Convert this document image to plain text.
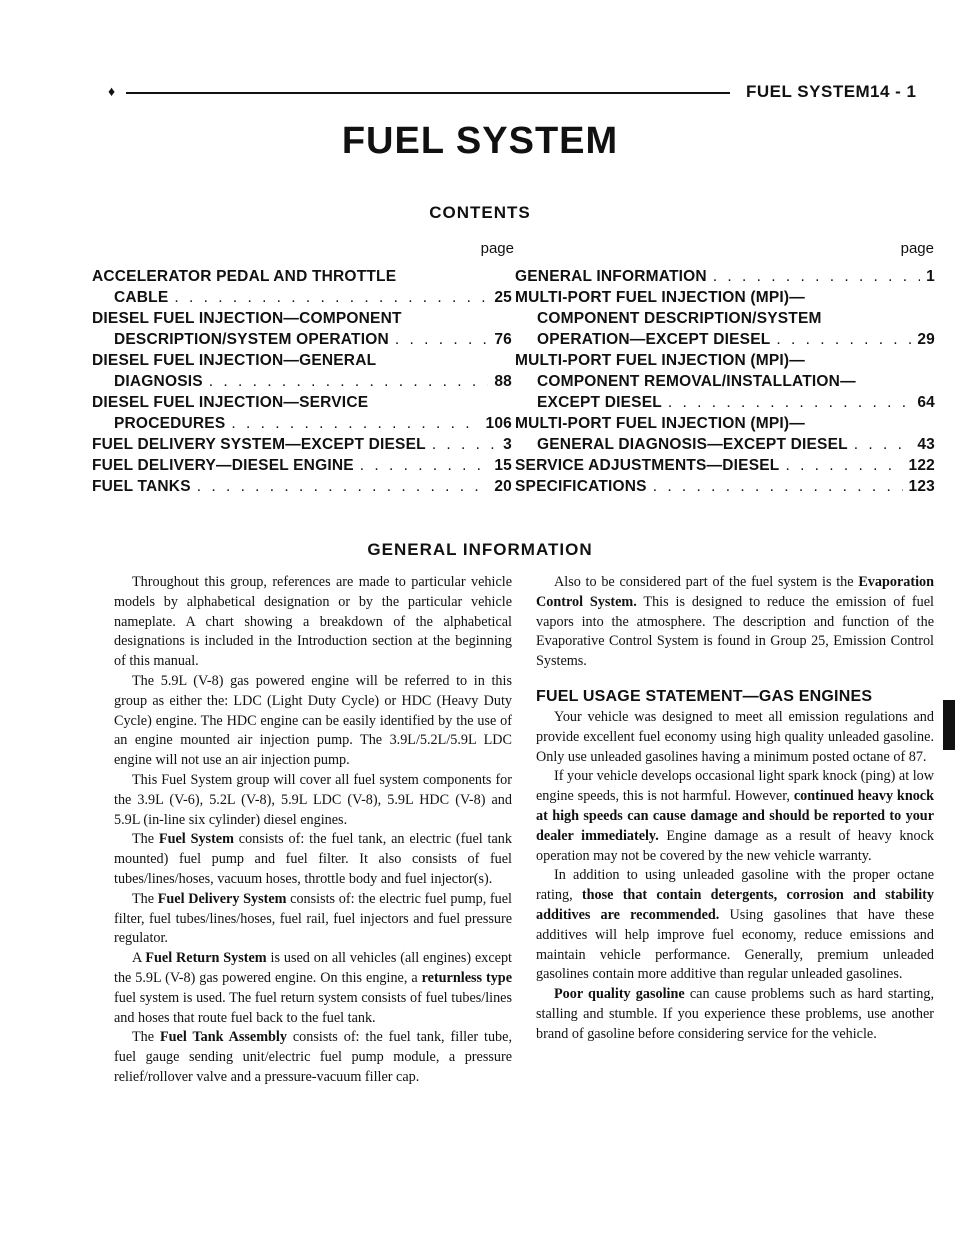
♦	FUEL SYSTEM 14 - 1
FUEL SYSTEM
CONTENTS
page	page
ACCELERATOR PEDAL AND THROTTLE
CABLE . . .	25
DIESEL FUEL INJECTION—COMPONENT
DESCRIPTION/SYSTEM OPERATION . . .	76
DIESEL FUEL INJECTION—GENERAL
DIAGNOSIS . . .	88
DIESEL FUEL INJECTION—SERVICE
PROCEDURES . . .	106
FUEL DELIVERY SYSTEM—EXCEPT DIESEL . . .	3
FUEL DELIVERY—DIESEL ENGINE . . .	15
FUEL TANKS . . .	20
GENERAL INFORMATION . . .	1
MULTI-PORT FUEL INJECTION (MPI)—
COMPONENT DESCRIPTION/SYSTEM
OPERATION—EXCEPT DIESEL . . .	29
MULTI-PORT FUEL INJECTION (MPI)—
COMPONENT REMOVAL/INSTALLATION—
EXCEPT DIESEL . . .	64
MULTI-PORT FUEL INJECTION (MPI)—
GENERAL DIAGNOSIS—EXCEPT DIESEL . . .	43
SERVICE ADJUSTMENTS—DIESEL . . .	122
SPECIFICATIONS . . .	123
GENERAL INFORMATION

Throughout this group, references are made to particular vehicle models by alphabetical designation or by the particular vehicle nameplate. A chart showing a breakdown of the alphabetical designations is included in the Introduction section at the beginning of this manual.

The 5.9L (V-8) gas powered engine will be referred to in this group as either the: LDC (Light Duty Cycle) or HDC (Heavy Duty Cycle) engine. The HDC engine can be easily identified by the use of an engine mounted air injection pump. The 3.9L/5.2L/5.9L LDC engine will not use an air injection pump.

This Fuel System group will cover all fuel system components for the 3.9L (V-6), 5.2L (V-8), 5.9L LDC (V-8), 5.9L HDC (V-8) and 5.9L (in-line six cylinder) diesel engines.

The Fuel System consists of: the fuel tank, an electric (fuel tank mounted) fuel pump and fuel filter. It also consists of fuel tubes/lines/hoses, vacuum hoses, throttle body and fuel injector(s).

The Fuel Delivery System consists of: the electric fuel pump, fuel filter, fuel tubes/lines/hoses, fuel rail, fuel injectors and fuel pressure regulator.

A Fuel Return System is used on all vehicles (all engines) except the 5.9L (V-8) gas powered engine. On this engine, a returnless type fuel system is used. The fuel return system consists of fuel tubes/lines and hoses that route fuel back to the fuel tank.

The Fuel Tank Assembly consists of: the fuel tank, filler tube, fuel gauge sending unit/electric fuel pump module, a pressure relief/rollover valve and a pressure-vacuum filler cap.

Also to be considered part of the fuel system is the Evaporation Control System. This is designed to reduce the emission of fuel vapors into the atmosphere. The description and function of the Evaporative Control System is found in Group 25, Emission Control Systems.

FUEL USAGE STATEMENT—GAS ENGINES

Your vehicle was designed to meet all emission regulations and provide excellent fuel economy using high quality unleaded gasoline. Only use unleaded gasolines having a minimum posted octane of 87.

If your vehicle develops occasional light spark knock (ping) at low engine speeds, this is not harmful. However, continued heavy knock at high speeds can cause damage and should be reported to your dealer immediately. Engine damage as a result of heavy knock operation may not be covered by the new vehicle warranty.

In addition to using unleaded gasoline with the proper octane rating, those that contain detergents, corrosion and stability additives are recommended. Using gasolines that have these additives will help improve fuel economy, reduce emissions and maintain vehicle performance. Generally, premium unleaded gasolines contain more additive than regular unleaded gasolines.

Poor quality gasoline can cause problems such as hard starting, stalling and stumble. If you experience these problems, use another brand of gasoline before considering service for the vehicle.
